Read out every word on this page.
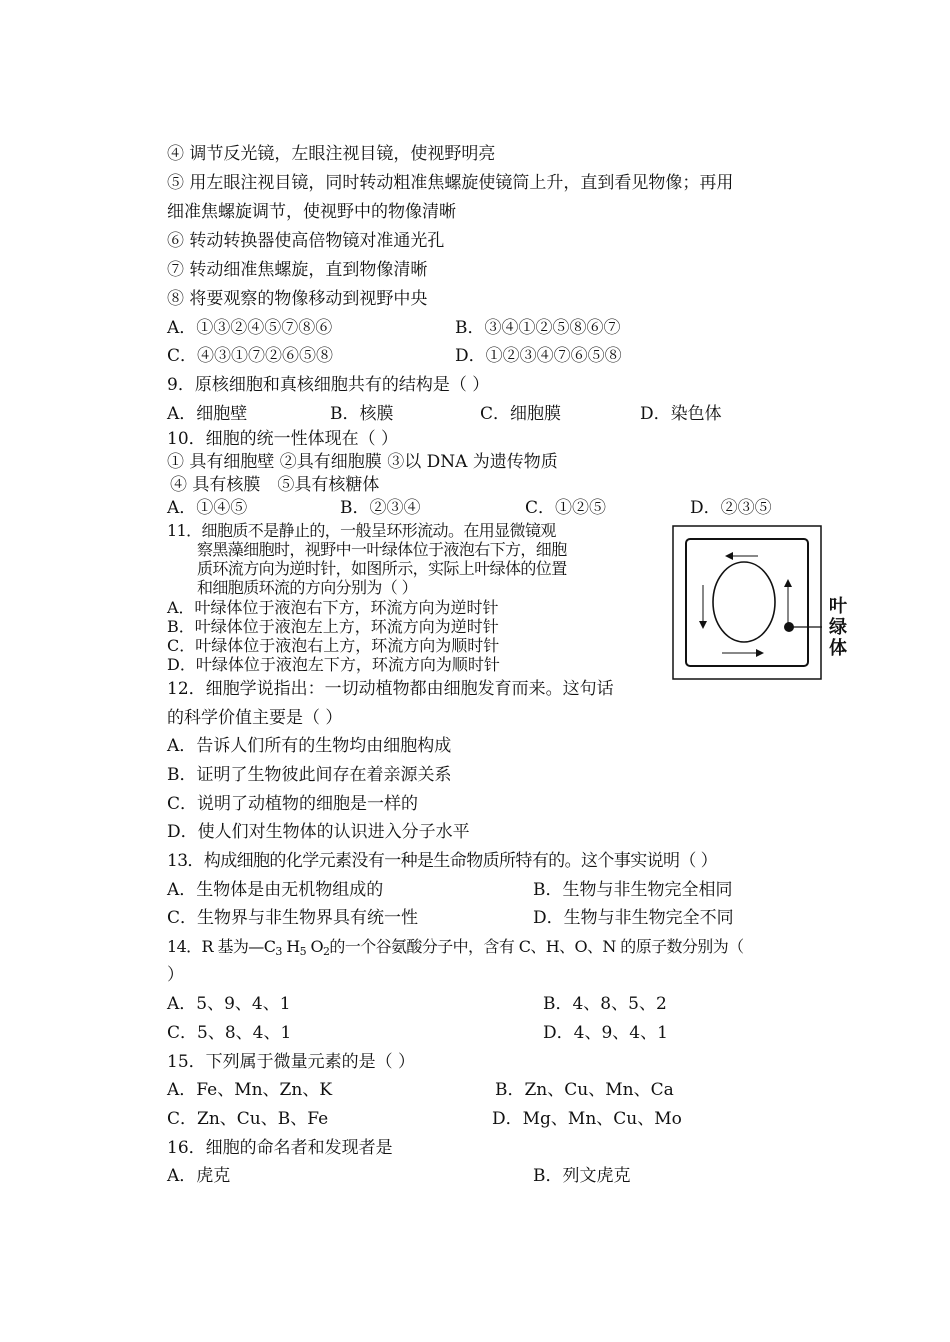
④ 调节反光镜，左眼注视目镜，使视野明亮
⑤ 用左眼注视目镜，同时转动粗准焦螺旋使镜筒上升，直到看见物像；再用
细准焦螺旋调节，使视野中的物像清晰
⑥ 转动转换器使高倍物镜对准通光孔
⑦ 转动细准焦螺旋，直到物像清晰
⑧ 将要观察的物像移动到视野中央
A．①③②④⑤⑦⑧⑥	B．③④①②⑤⑧⑥⑦
C．④③①⑦②⑥⑤⑧	D．①②③④⑦⑥⑤⑧
9．原核细胞和真核细胞共有的结构是（ ）
A．细胞壁	B．核膜	C．细胞膜	D．染色体
10．细胞的统一性体现在（ ）
① 具有细胞壁 ②具有细胞膜 ③以 DNA 为遗传物质
④ 具有核膜　⑤具有核糖体
A．①④⑤	B．②③④	C．①②⑤	D．②③⑤
11．细胞质不是静止的，一般呈环形流动。在用显微镜观
察黑藻细胞时，视野中一叶绿体位于液泡右下方，细胞
质环流方向为逆时针，如图所示，实际上叶绿体的位置
和细胞质环流的方向分别为（ ）
A．叶绿体位于液泡右下方，环流方向为逆时针
B．叶绿体位于液泡左上方，环流方向为逆时针
C．叶绿体位于液泡右上方，环流方向为顺时针
D．叶绿体位于液泡左下方，环流方向为顺时针
叶
绿
体
12．细胞学说指出：一切动植物都由细胞发育而来。这句话
的科学价值主要是（ ）
A．告诉人们所有的生物均由细胞构成
B．证明了生物彼此间存在着亲源关系
C．说明了动植物的细胞是一样的
D．使人们对生物体的认识进入分子水平
13．构成细胞的化学元素没有一种是生命物质所特有的。这个事实说明（ ）
A．生物体是由无机物组成的	B．生物与非生物完全相同
C．生物界与非生物界具有统一性	D．生物与非生物完全不同
14．R 基为$—C_3$ $H_5$ $O_2$的一个谷氨酸分子中，含有 C、H、O、N 的原子数分别为（
）
A．5、9、4、1	B．4、8、5、2
C．5、8、4、1	D．4、9、4、1
15．下列属于微量元素的是（ ）
A．Fe、Mn、Zn、K	B．Zn、Cu、Mn、Ca
C．Zn、Cu、B、Fe	D．Mg、Mn、Cu、Mo
16．细胞的命名者和发现者是
A．虎克	B．列文虎克
